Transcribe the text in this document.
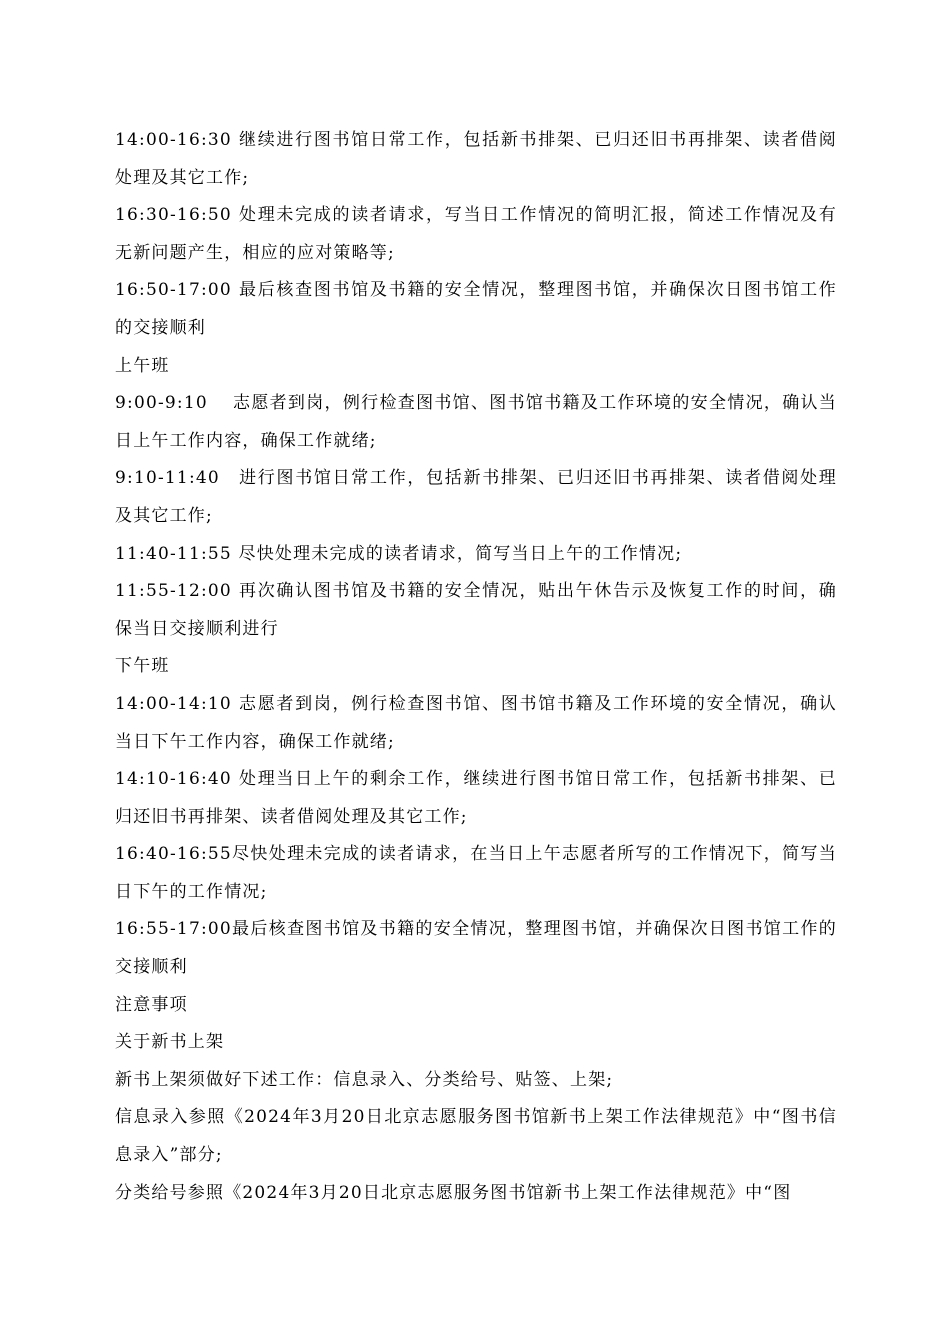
14:00-16:30 继续进行图书馆日常工作，包括新书排架、已归还旧书再排架、读者借阅处理及其它工作;

16:30-16:50 处理未完成的读者请求，写当日工作情况的简明汇报，简述工作情况及有无新问题产生，相应的应对策略等;

16:50-17:00 最后核查图书馆及书籍的安全情况，整理图书馆，并确保次日图书馆工作的交接顺利

上午班

9:00-9:10　 志愿者到岗，例行检查图书馆、图书馆书籍及工作环境的安全情况，确认当日上午工作内容，确保工作就绪;

9:10-11:40　进行图书馆日常工作，包括新书排架、已归还旧书再排架、读者借阅处理及其它工作;

11:40-11:55 尽快处理未完成的读者请求，简写当日上午的工作情况;

11:55-12:00 再次确认图书馆及书籍的安全情况，贴出午休告示及恢复工作的时间，确保当日交接顺利进行

下午班

14:00-14:10 志愿者到岗，例行检查图书馆、图书馆书籍及工作环境的安全情况，确认当日下午工作内容，确保工作就绪;

14:10-16:40 处理当日上午的剩余工作，继续进行图书馆日常工作，包括新书排架、已归还旧书再排架、读者借阅处理及其它工作;

16:40-16:55尽快处理未完成的读者请求，在当日上午志愿者所写的工作情况下，简写当日下午的工作情况;

16:55-17:00最后核查图书馆及书籍的安全情况，整理图书馆，并确保次日图书馆工作的交接顺利

注意事项

关于新书上架

新书上架须做好下述工作：信息录入、分类给号、贴签、上架;

信息录入参照《2024年3月20日北京志愿服务图书馆新书上架工作法律规范》中“图书信息录入”部分;

分类给号参照《2024年3月20日北京志愿服务图书馆新书上架工作法律规范》中“图
